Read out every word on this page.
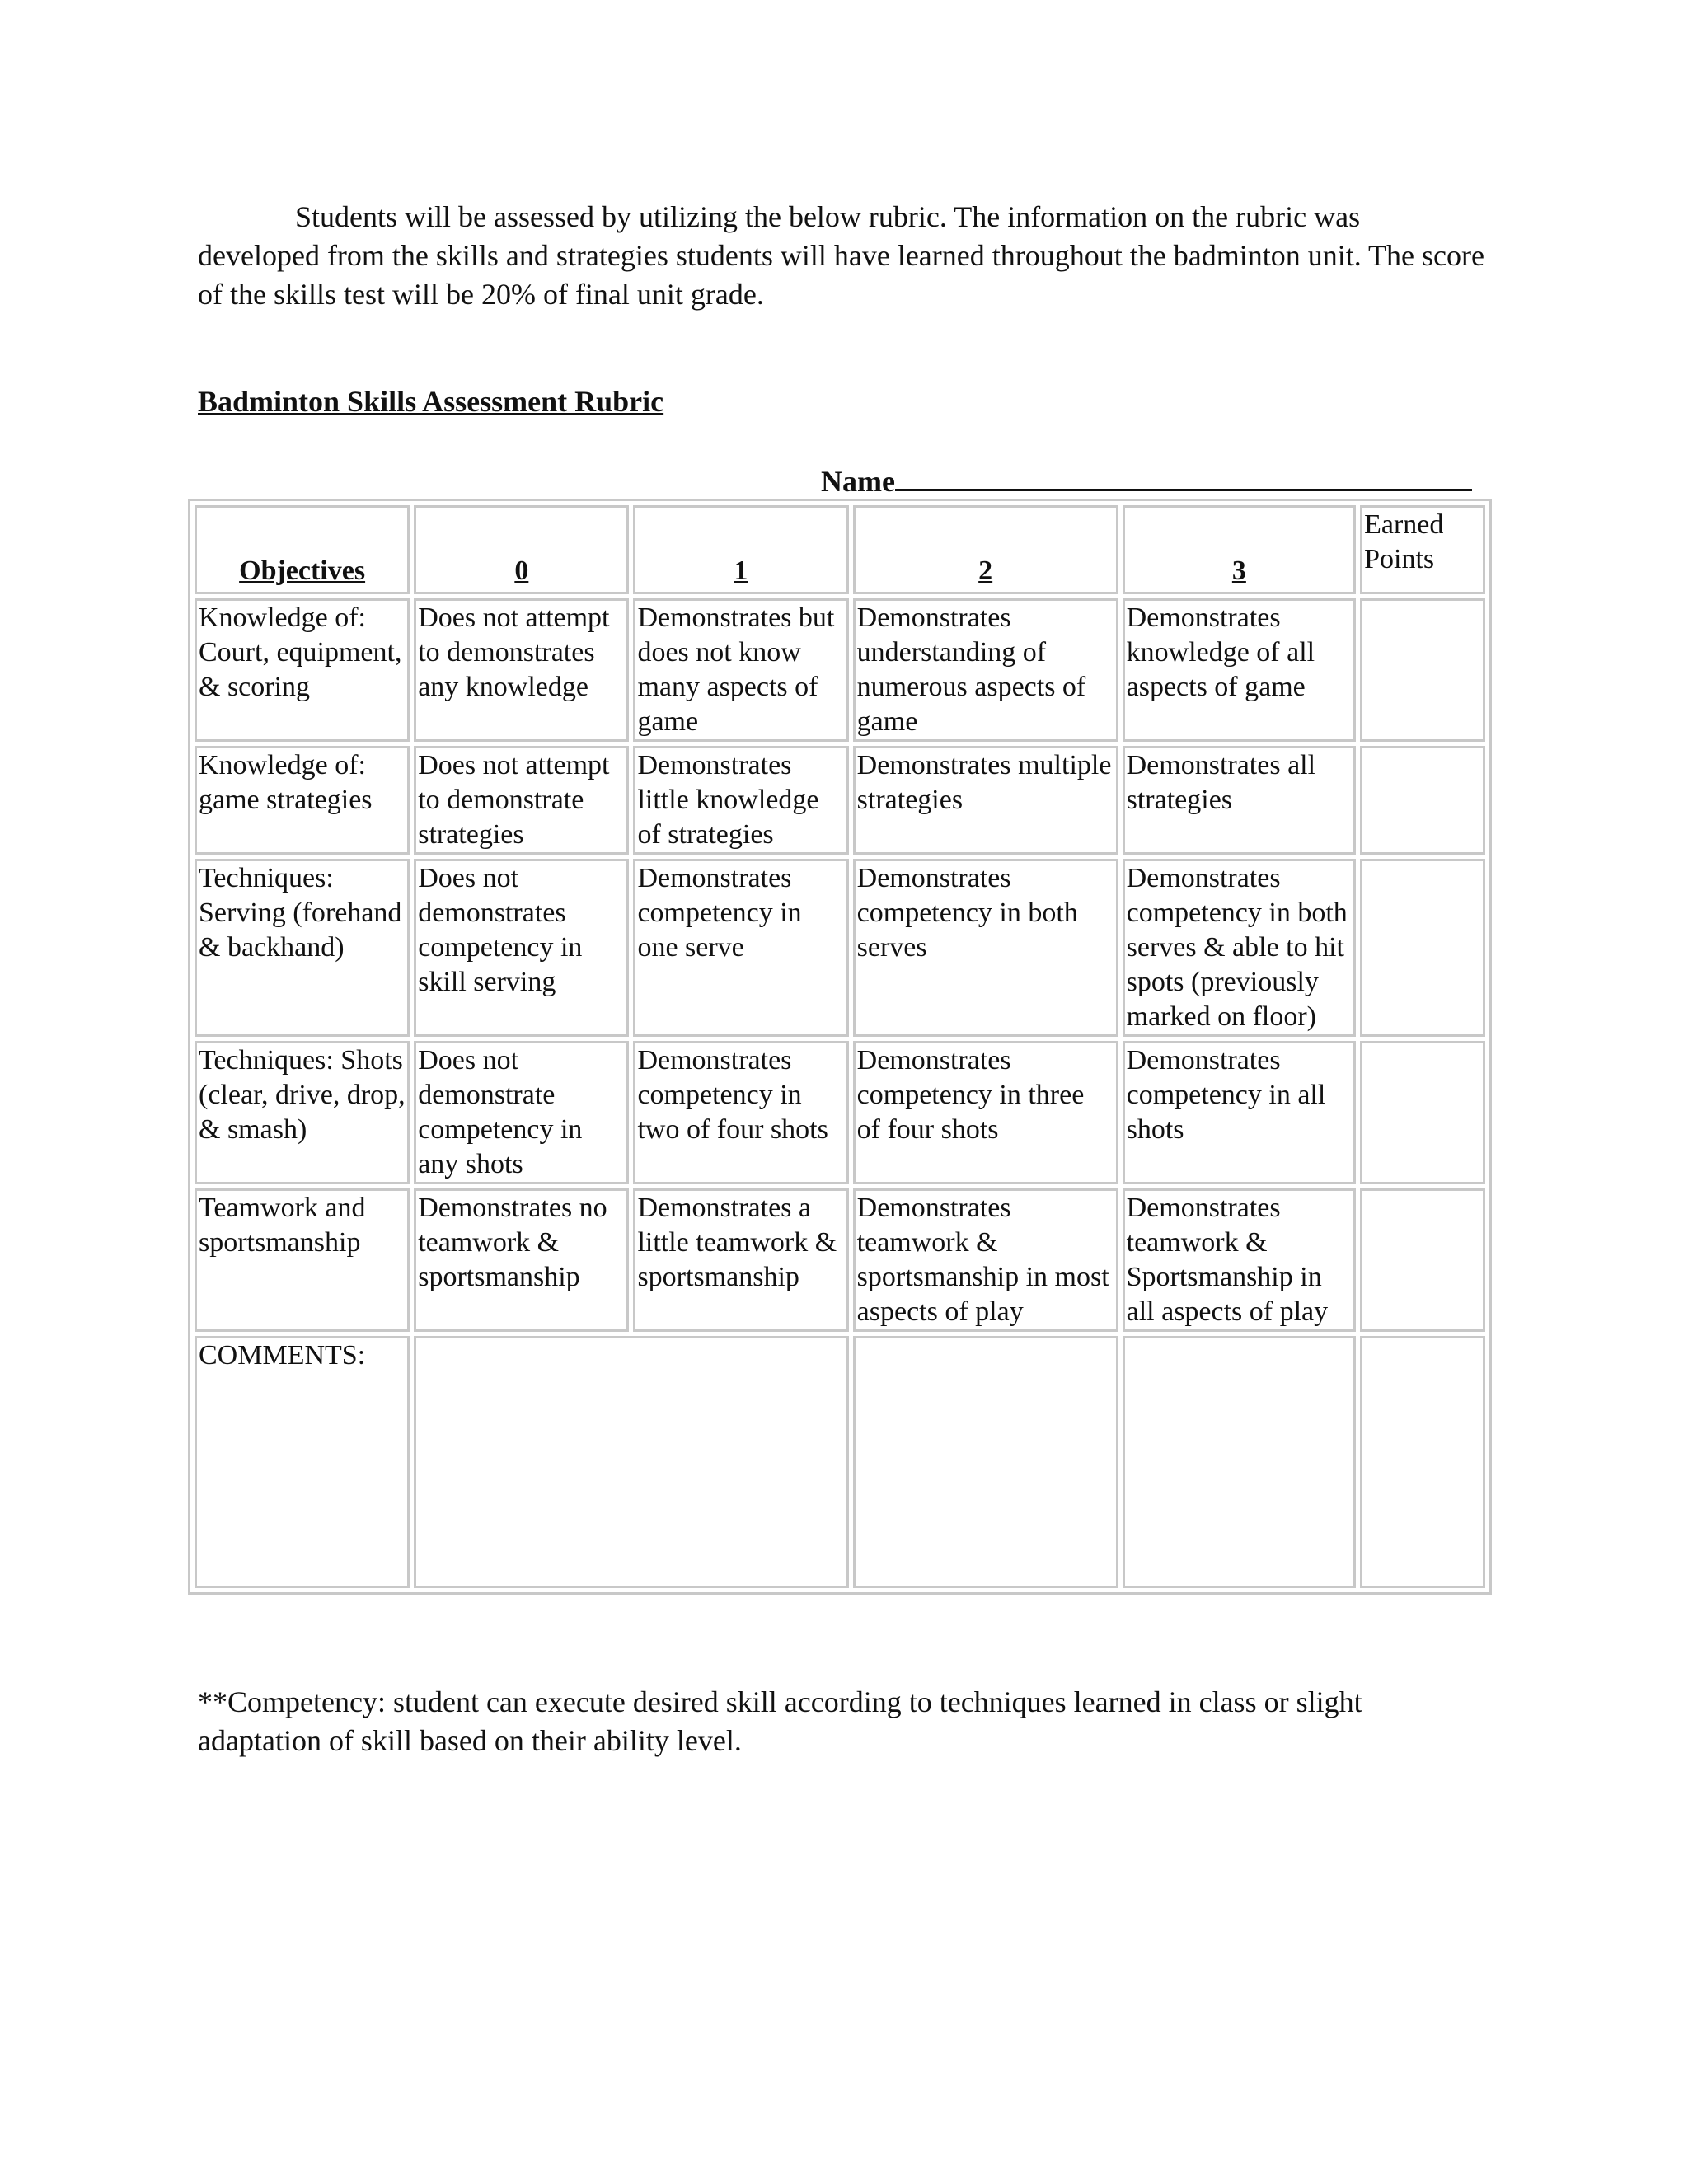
Students will be assessed by utilizing the below rubric. The information on the rubric was developed from the skills and strategies students will have learned throughout the badminton unit. The score of the skills test will be 20% of final unit grade.

Badminton Skills Assessment Rubric
Name
Objectives	0	1	2	3	Earned Points
Knowledge of: Court, equipment, & scoring	Does not attempt to demonstrates any knowledge	Demonstrates but does not know many aspects of game	Demonstrates understanding of numerous aspects of game	Demonstrates knowledge of all aspects of game	
Knowledge of: game strategies	Does not attempt to demonstrate strategies	Demonstrates little knowledge of strategies	Demonstrates multiple strategies	Demonstrates all strategies	
Techniques: Serving (forehand & backhand)	Does not demonstrates competency in skill serving	Demonstrates competency in one serve	Demonstrates competency in both serves	Demonstrates competency in both serves & able to hit spots (previously marked on floor)	
Techniques: Shots (clear, drive, drop, & smash)	Does not demonstrate competency in any shots	Demonstrates competency in two of four shots	Demonstrates competency in three of four shots	Demonstrates competency in all shots	
Teamwork and sportsmanship	Demonstrates no teamwork & sportsmanship	Demonstrates a little teamwork & sportsmanship	Demonstrates teamwork & sportsmanship in most aspects of play	Demonstrates teamwork & Sportsmanship in all aspects of play	
COMMENTS:					

**Competency: student can execute desired skill according to techniques learned in class or slight adaptation of skill based on their ability level.
